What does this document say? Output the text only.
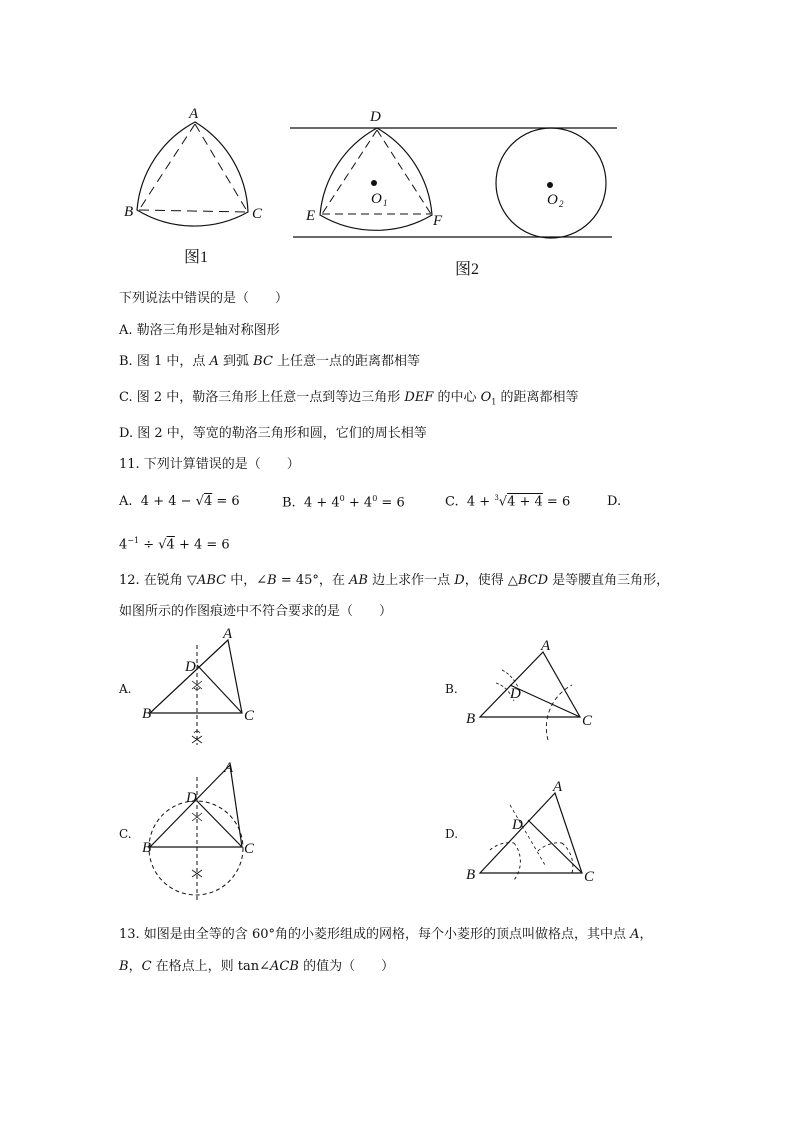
A
B	C
图1
D
E	F
O 1	O 2
图2
下列说法中错误的是（　　）
A. 勒洛三角形是轴对称图形
B. 图 1 中，点 A 到弧 BC 上任意一点的距离都相等
C. 图 2 中，勒洛三角形上任意一点到等边三角形 DEF 的中心 $O_1$ 的距离都相等
D. 图 2 中，等宽的勒洛三角形和圆，它们的周长相等
11. 下列计算错误的是（　　）
A. 4 + 4 − √4 = 6	B. $4 + 4^0 + 4^0 = 6$	C. 4 + $^3$√4 + 4 = 6	D.
$4^{-1} \div √4 + 4 = 6$
12. 在锐角 ▽ABC 中，∠B = 45°，在 AB 边上求作一点 D，使得 △BCD 是等腰直角三角形，
如图所示的作图痕迹中不符合要求的是（　　）
A.	B.
C.	D.
A
D
B	C
A
D
B	C
A
D
B	C
A
D
B	C
13. 如图是由全等的含 60°角的小菱形组成的网格，每个小菱形的顶点叫做格点，其中点 A，
B，C 在格点上，则 tan∠ACB 的值为（　　）
